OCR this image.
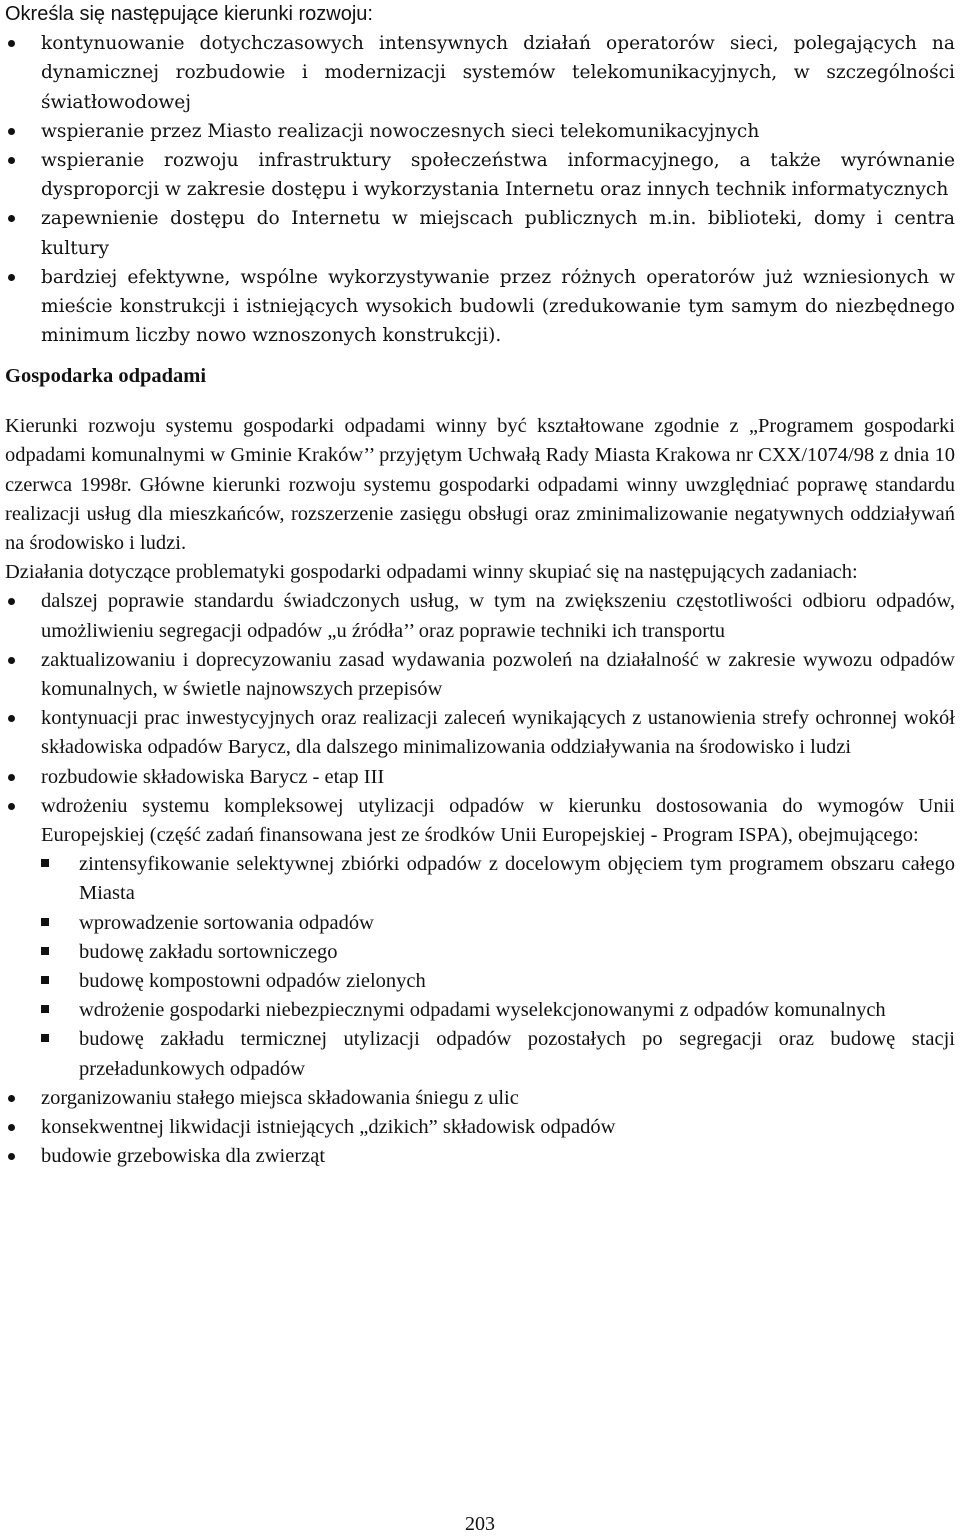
Określa się następujące kierunki rozwoju:

kontynuowanie dotychczasowych intensywnych działań operatorów sieci, polegających na dynamicznej rozbudowie i modernizacji systemów telekomunikacyjnych, w szczególności światłowodowej
wspieranie przez Miasto realizacji nowoczesnych sieci telekomunikacyjnych
wspieranie rozwoju infrastruktury społeczeństwa informacyjnego, a także wyrównanie dysproporcji w zakresie dostępu i wykorzystania Internetu oraz innych technik informatycznych
zapewnienie dostępu do Internetu w miejscach publicznych m.in. biblioteki, domy i centra kultury
bardziej efektywne, wspólne wykorzystywanie przez różnych operatorów już wzniesionych w mieście konstrukcji i istniejących wysokich budowli (zredukowanie tym samym do niezbędnego minimum liczby nowo wznoszonych konstrukcji).

Gospodarka odpadami

Kierunki rozwoju systemu gospodarki odpadami winny być kształtowane zgodnie z „Programem gospodarki odpadami komunalnymi w Gminie Kraków’’ przyjętym Uchwałą Rady Miasta Krakowa nr CXX/1074/98 z dnia 10 czerwca 1998r. Główne kierunki rozwoju systemu gospodarki odpadami winny uwzględniać poprawę standardu realizacji usług dla mieszkańców, rozszerzenie zasięgu obsługi oraz zminimalizowanie negatywnych oddziaływań na środowisko i ludzi.

Działania dotyczące problematyki gospodarki odpadami winny skupiać się na następujących zadaniach:

dalszej poprawie standardu świadczonych usług, w tym na zwiększeniu częstotliwości odbioru odpadów, umożliwieniu segregacji odpadów „u źródła’’ oraz poprawie techniki ich transportu
zaktualizowaniu i doprecyzowaniu zasad wydawania pozwoleń na działalność w zakresie wywozu odpadów komunalnych, w świetle najnowszych przepisów
kontynuacji prac inwestycyjnych oraz realizacji zaleceń wynikających z ustanowienia strefy ochronnej wokół składowiska odpadów Barycz, dla dalszego minimalizowania oddziaływania na środowisko i ludzi
rozbudowie składowiska Barycz - etap III
wdrożeniu systemu kompleksowej utylizacji odpadów w kierunku dostosowania do wymogów Unii Europejskiej (część zadań finansowana jest ze środków Unii Europejskiej - Program ISPA), obejmującego:
zintensyfikowanie selektywnej zbiórki odpadów z docelowym objęciem tym programem obszaru całego Miasta
wprowadzenie sortowania odpadów
budowę zakładu sortowniczego
budowę kompostowni odpadów zielonych
wdrożenie gospodarki niebezpiecznymi odpadami wyselekcjonowanymi z odpadów komunalnych
budowę zakładu termicznej utylizacji odpadów pozostałych po segregacji oraz budowę stacji przeładunkowych odpadów
zorganizowaniu stałego miejsca składowania śniegu z ulic
konsekwentnej likwidacji istniejących „dzikich” składowisk odpadów
budowie grzebowiska dla zwierząt
203
